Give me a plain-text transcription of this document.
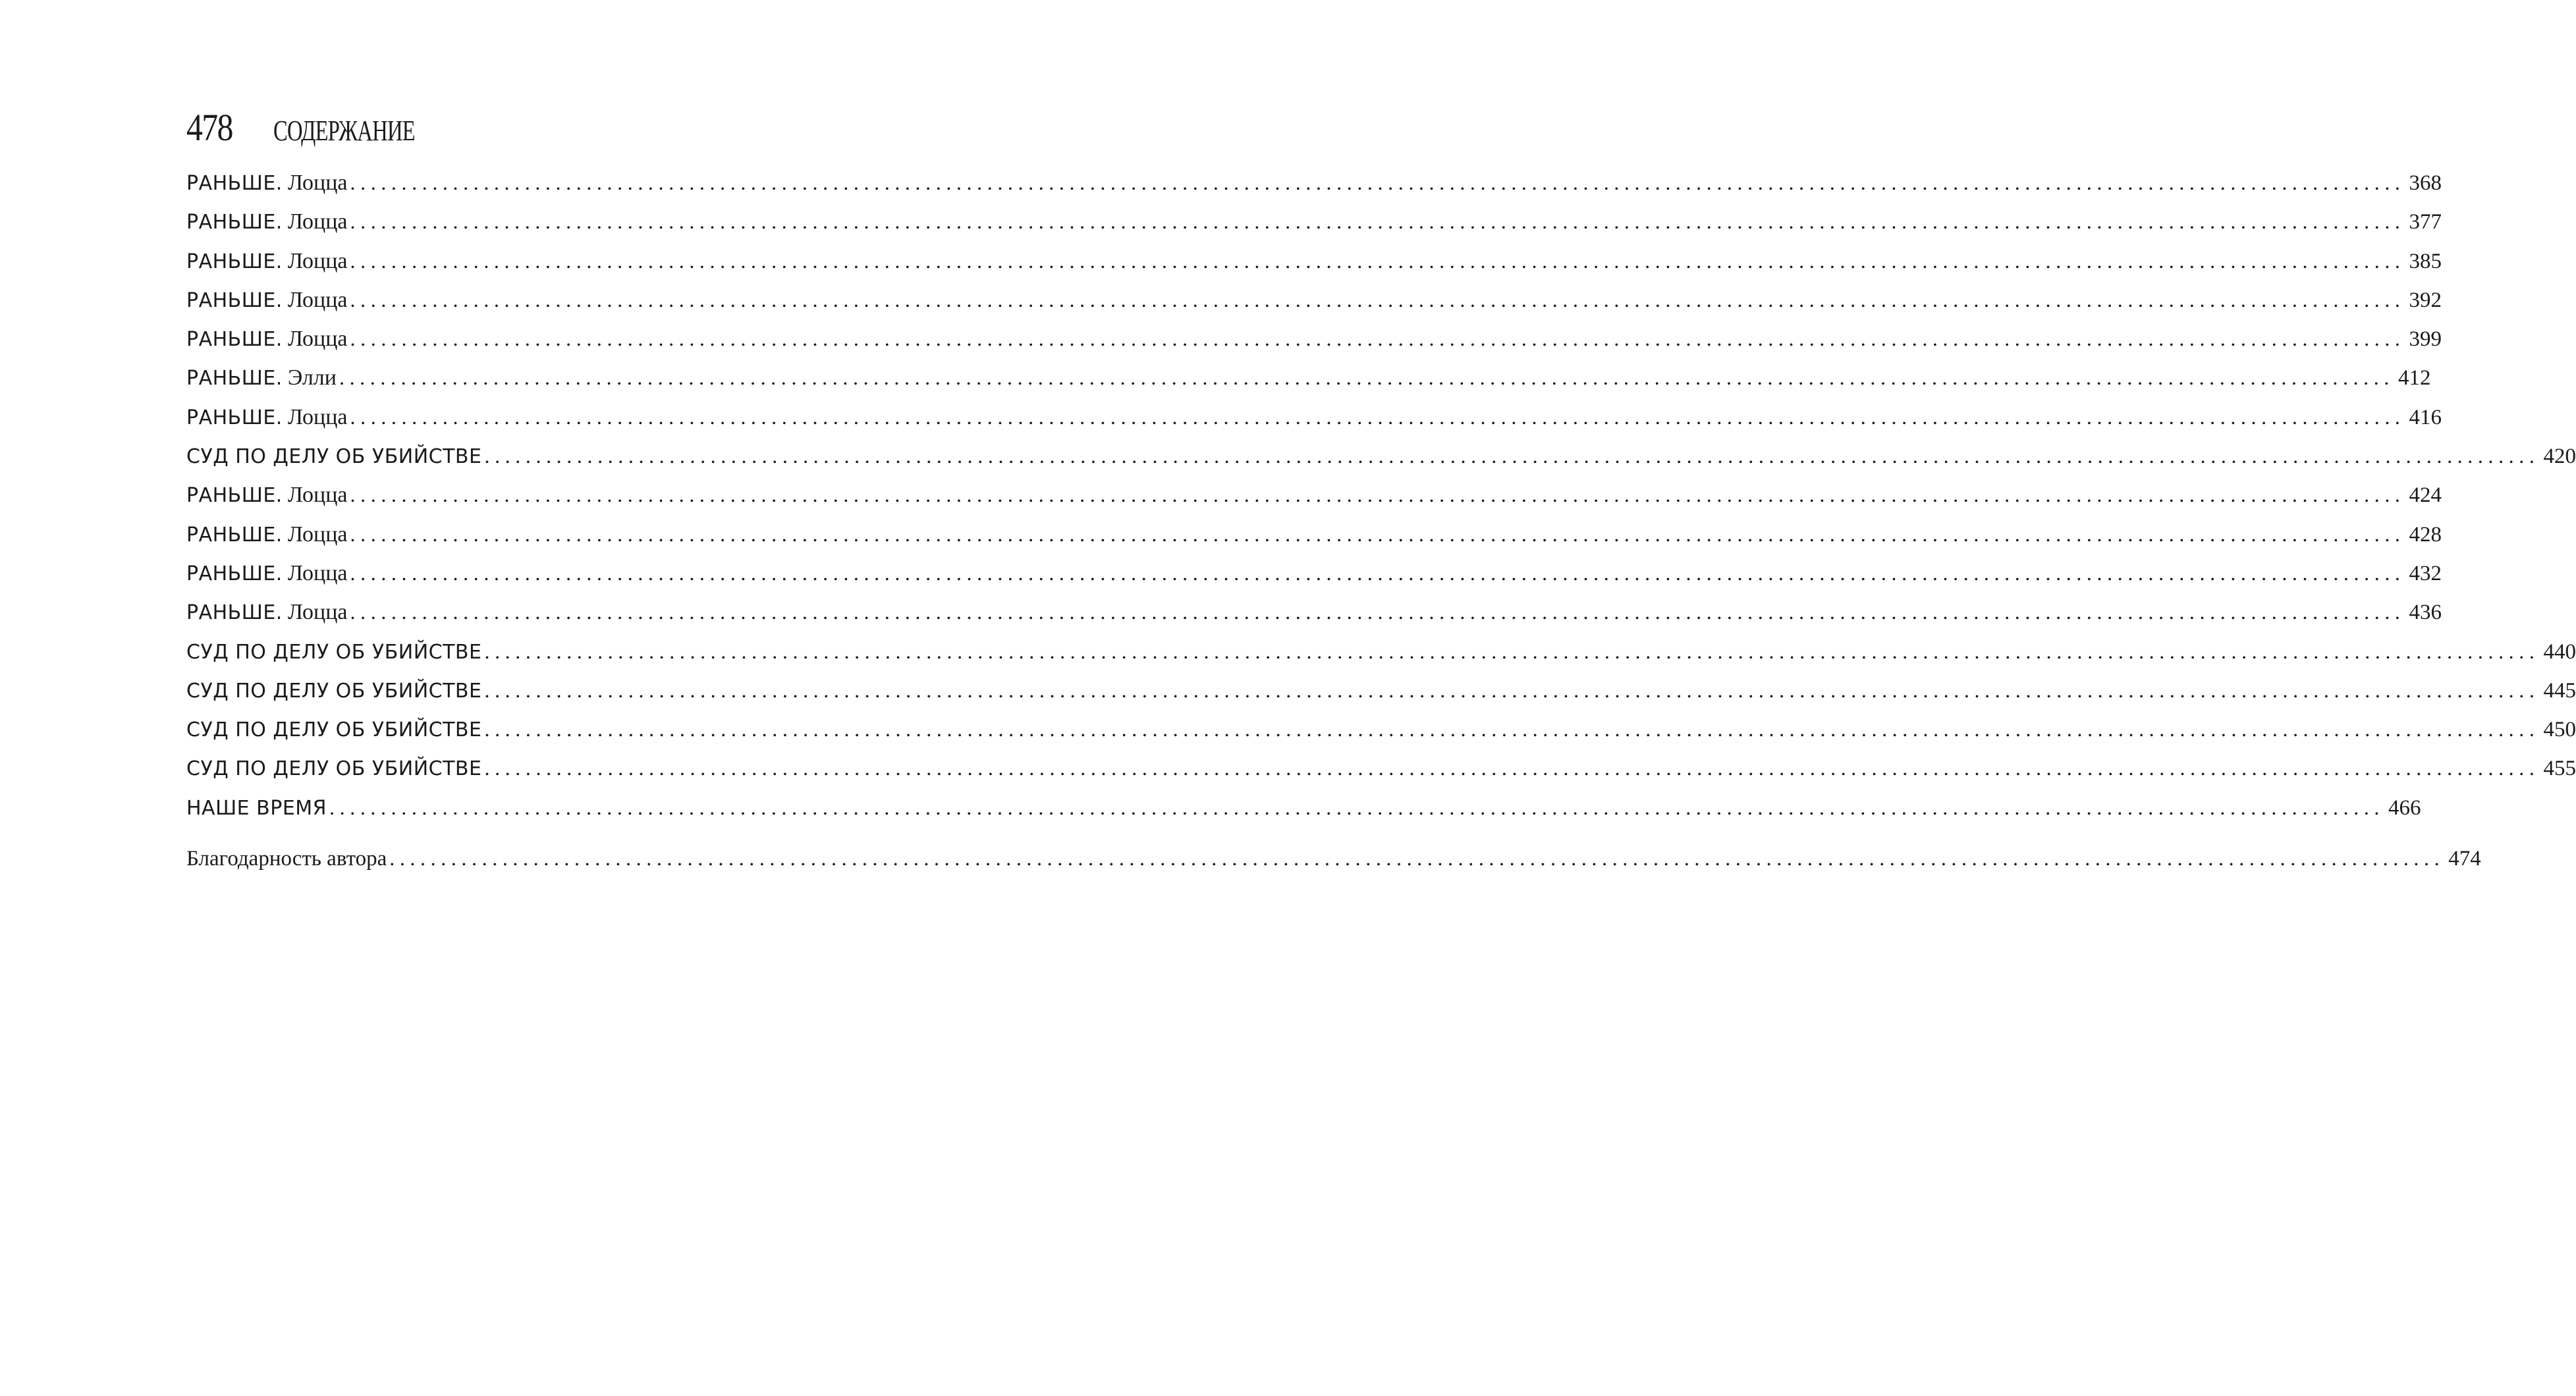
478 СОДЕРЖАНИЕ
РАНЬШЕ. Лоцца ........................................................................................................................................................................................................ 368
РАНЬШЕ. Лоцца ........................................................................................................................................................................................................ 377
РАНЬШЕ. Лоцца ........................................................................................................................................................................................................ 385
РАНЬШЕ. Лоцца ........................................................................................................................................................................................................ 392
РАНЬШЕ. Лоцца ........................................................................................................................................................................................................ 399
РАНЬШЕ. Элли ........................................................................................................................................................................................................ 412
РАНЬШЕ. Лоцца ........................................................................................................................................................................................................ 416
СУД ПО ДЕЛУ ОБ УБИЙСТВЕ ........................................................................................................................................................................................................ 420
РАНЬШЕ. Лоцца ........................................................................................................................................................................................................ 424
РАНЬШЕ. Лоцца ........................................................................................................................................................................................................ 428
РАНЬШЕ. Лоцца ........................................................................................................................................................................................................ 432
РАНЬШЕ. Лоцца ........................................................................................................................................................................................................ 436
СУД ПО ДЕЛУ ОБ УБИЙСТВЕ ........................................................................................................................................................................................................ 440
СУД ПО ДЕЛУ ОБ УБИЙСТВЕ ........................................................................................................................................................................................................ 445
СУД ПО ДЕЛУ ОБ УБИЙСТВЕ ........................................................................................................................................................................................................ 450
СУД ПО ДЕЛУ ОБ УБИЙСТВЕ ........................................................................................................................................................................................................ 455
НАШЕ ВРЕМЯ ........................................................................................................................................................................................................ 466
Благодарность автора ........................................................................................................................................................................................................ 474
